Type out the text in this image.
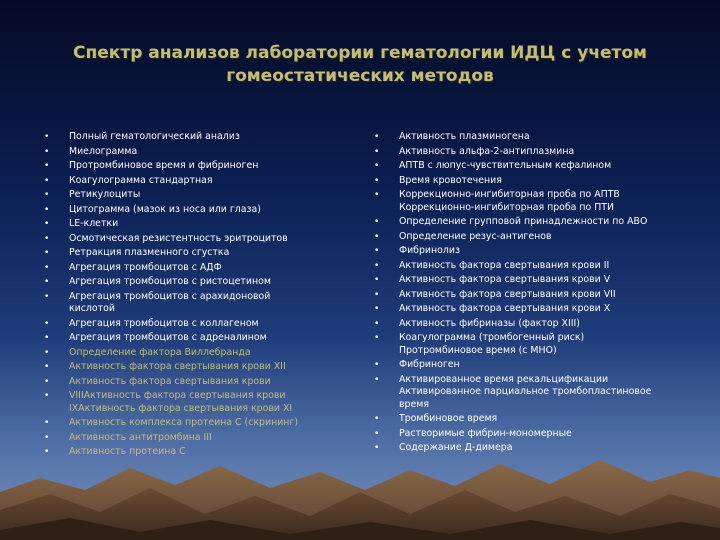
Спектр анализов лаборатории гематологии ИДЦ с учетом
гомеостатических методов
• Полный гематологический анализ
• Миелограмма
• Протромбиновое время и фибриноген
• Коагулограмма стандартная
• Ретикулоциты
• Цитограмма (мазок из носа или глаза)
• LE-клетки
• Осмотическая резистентность эритроцитов
• Ретракция плазменного сгустка
• Агрегация тромбоцитов с АДФ
• Агрегация тромбоцитов с ристоцетином
• Агрегация тромбоцитов с арахидоновой
кислотой
• Агрегация тромбоцитов с коллагеном
• Агрегация тромбоцитов с адреналином
• Определение фактора Виллебранда
• Активность фактора свертывания крови XII
• Активность фактора свертывания крови
• VIIIАктивность фактора свертывания крови
IXАктивность фактора свертывания крови XI
• Активность комплекса протеина С (скрининг)
• Активность антитромбина III
• Активность протеина С
• Активность плазминогена
• Активность альфа-2-антиплазмина
• АПТВ с люпус-чувствительным кефалином
• Время кровотечения
• Коррекционно-ингибиторная проба по АПТВ
Коррекционно-ингибиторная проба по ПТИ
• Определение групповой принадлежности по АВО
• Определение резус-антигенов
• Фибринолиз
• Активность фактора свертывания крови II
• Активность фактора свертывания крови V
• Активность фактора свертывания крови VII
• Активность фактора свертывания крови X
• Активность фибриназы (фактор XIII)
• Коагулограмма (тромбогенный риск)
Протромбиновое время (с МНО)
• Фибриноген
• Активированное время рекальцификации
Активированное парциальное тромбопластиновое время
• Тромбиновое время
• Растворимые фибрин-мономерные
• Содержание Д-димера
